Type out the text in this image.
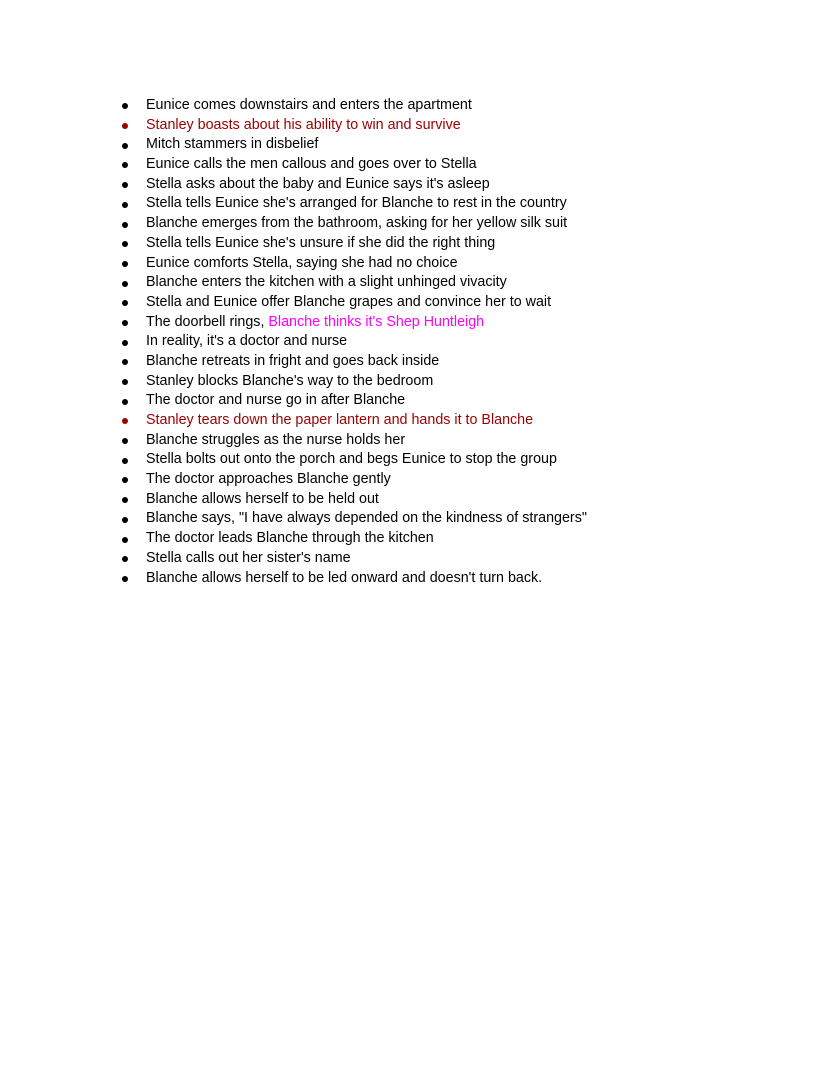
Eunice comes downstairs and enters the apartment
Stanley boasts about his ability to win and survive
Mitch stammers in disbelief
Eunice calls the men callous and goes over to Stella
Stella asks about the baby and Eunice says it's asleep
Stella tells Eunice she's arranged for Blanche to rest in the country
Blanche emerges from the bathroom, asking for her yellow silk suit
Stella tells Eunice she's unsure if she did the right thing
Eunice comforts Stella, saying she had no choice
Blanche enters the kitchen with a slight unhinged vivacity
Stella and Eunice offer Blanche grapes and convince her to wait
The doorbell rings, Blanche thinks it's Shep Huntleigh
In reality, it's a doctor and nurse
Blanche retreats in fright and goes back inside
Stanley blocks Blanche's way to the bedroom
The doctor and nurse go in after Blanche
Stanley tears down the paper lantern and hands it to Blanche
Blanche struggles as the nurse holds her
Stella bolts out onto the porch and begs Eunice to stop the group
The doctor approaches Blanche gently
Blanche allows herself to be held out
Blanche says, "I have always depended on the kindness of strangers"
The doctor leads Blanche through the kitchen
Stella calls out her sister's name
Blanche allows herself to be led onward and doesn't turn back.
